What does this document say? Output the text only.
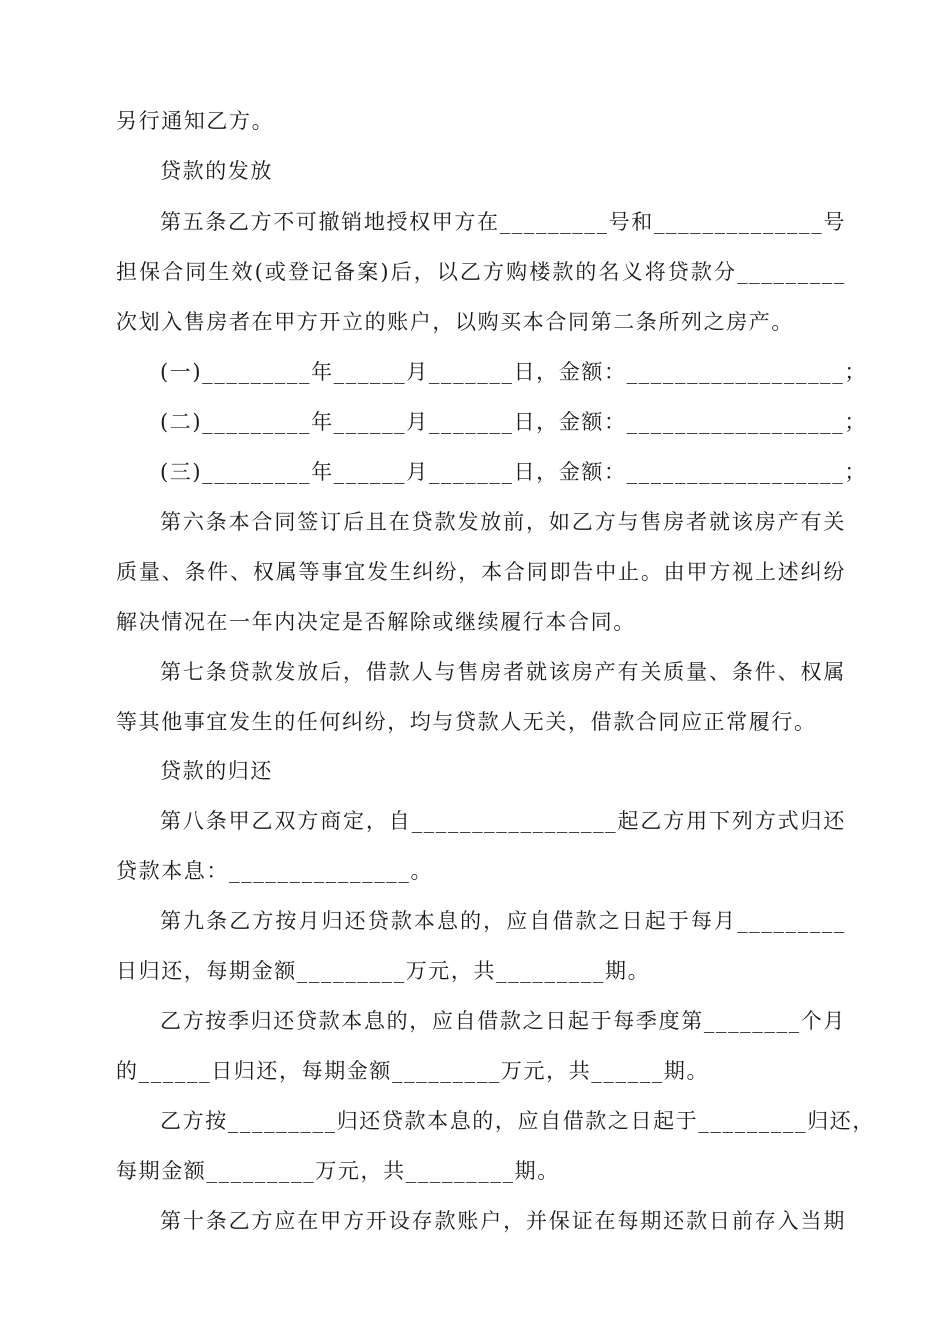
另行通知乙方。
贷款的发放
第五条乙方不可撤销地授权甲方在_________号和______________号
担保合同生效(或登记备案)后，以乙方购楼款的名义将贷款分_________
次划入售房者在甲方开立的账户，以购买本合同第二条所列之房产。
(一)_________年______月_______日，金额：__________________；
(二)_________年______月_______日，金额：__________________；
(三)_________年______月_______日，金额：__________________；
第六条本合同签订后且在贷款发放前，如乙方与售房者就该房产有关
质量、条件、权属等事宜发生纠纷，本合同即告中止。由甲方视上述纠纷
解决情况在一年内决定是否解除或继续履行本合同。
第七条贷款发放后，借款人与售房者就该房产有关质量、条件、权属
等其他事宜发生的任何纠纷，均与贷款人无关，借款合同应正常履行。
贷款的归还
第八条甲乙双方商定，自_________________起乙方用下列方式归还
贷款本息：_______________。
第九条乙方按月归还贷款本息的，应自借款之日起于每月_________
日归还，每期金额_________万元，共_________期。
乙方按季归还贷款本息的，应自借款之日起于每季度第________个月
的______日归还，每期金额_________万元，共______期。
乙方按_________归还贷款本息的，应自借款之日起于_________归还，
每期金额_________万元，共_________期。
第十条乙方应在甲方开设存款账户，并保证在每期还款日前存入当期
